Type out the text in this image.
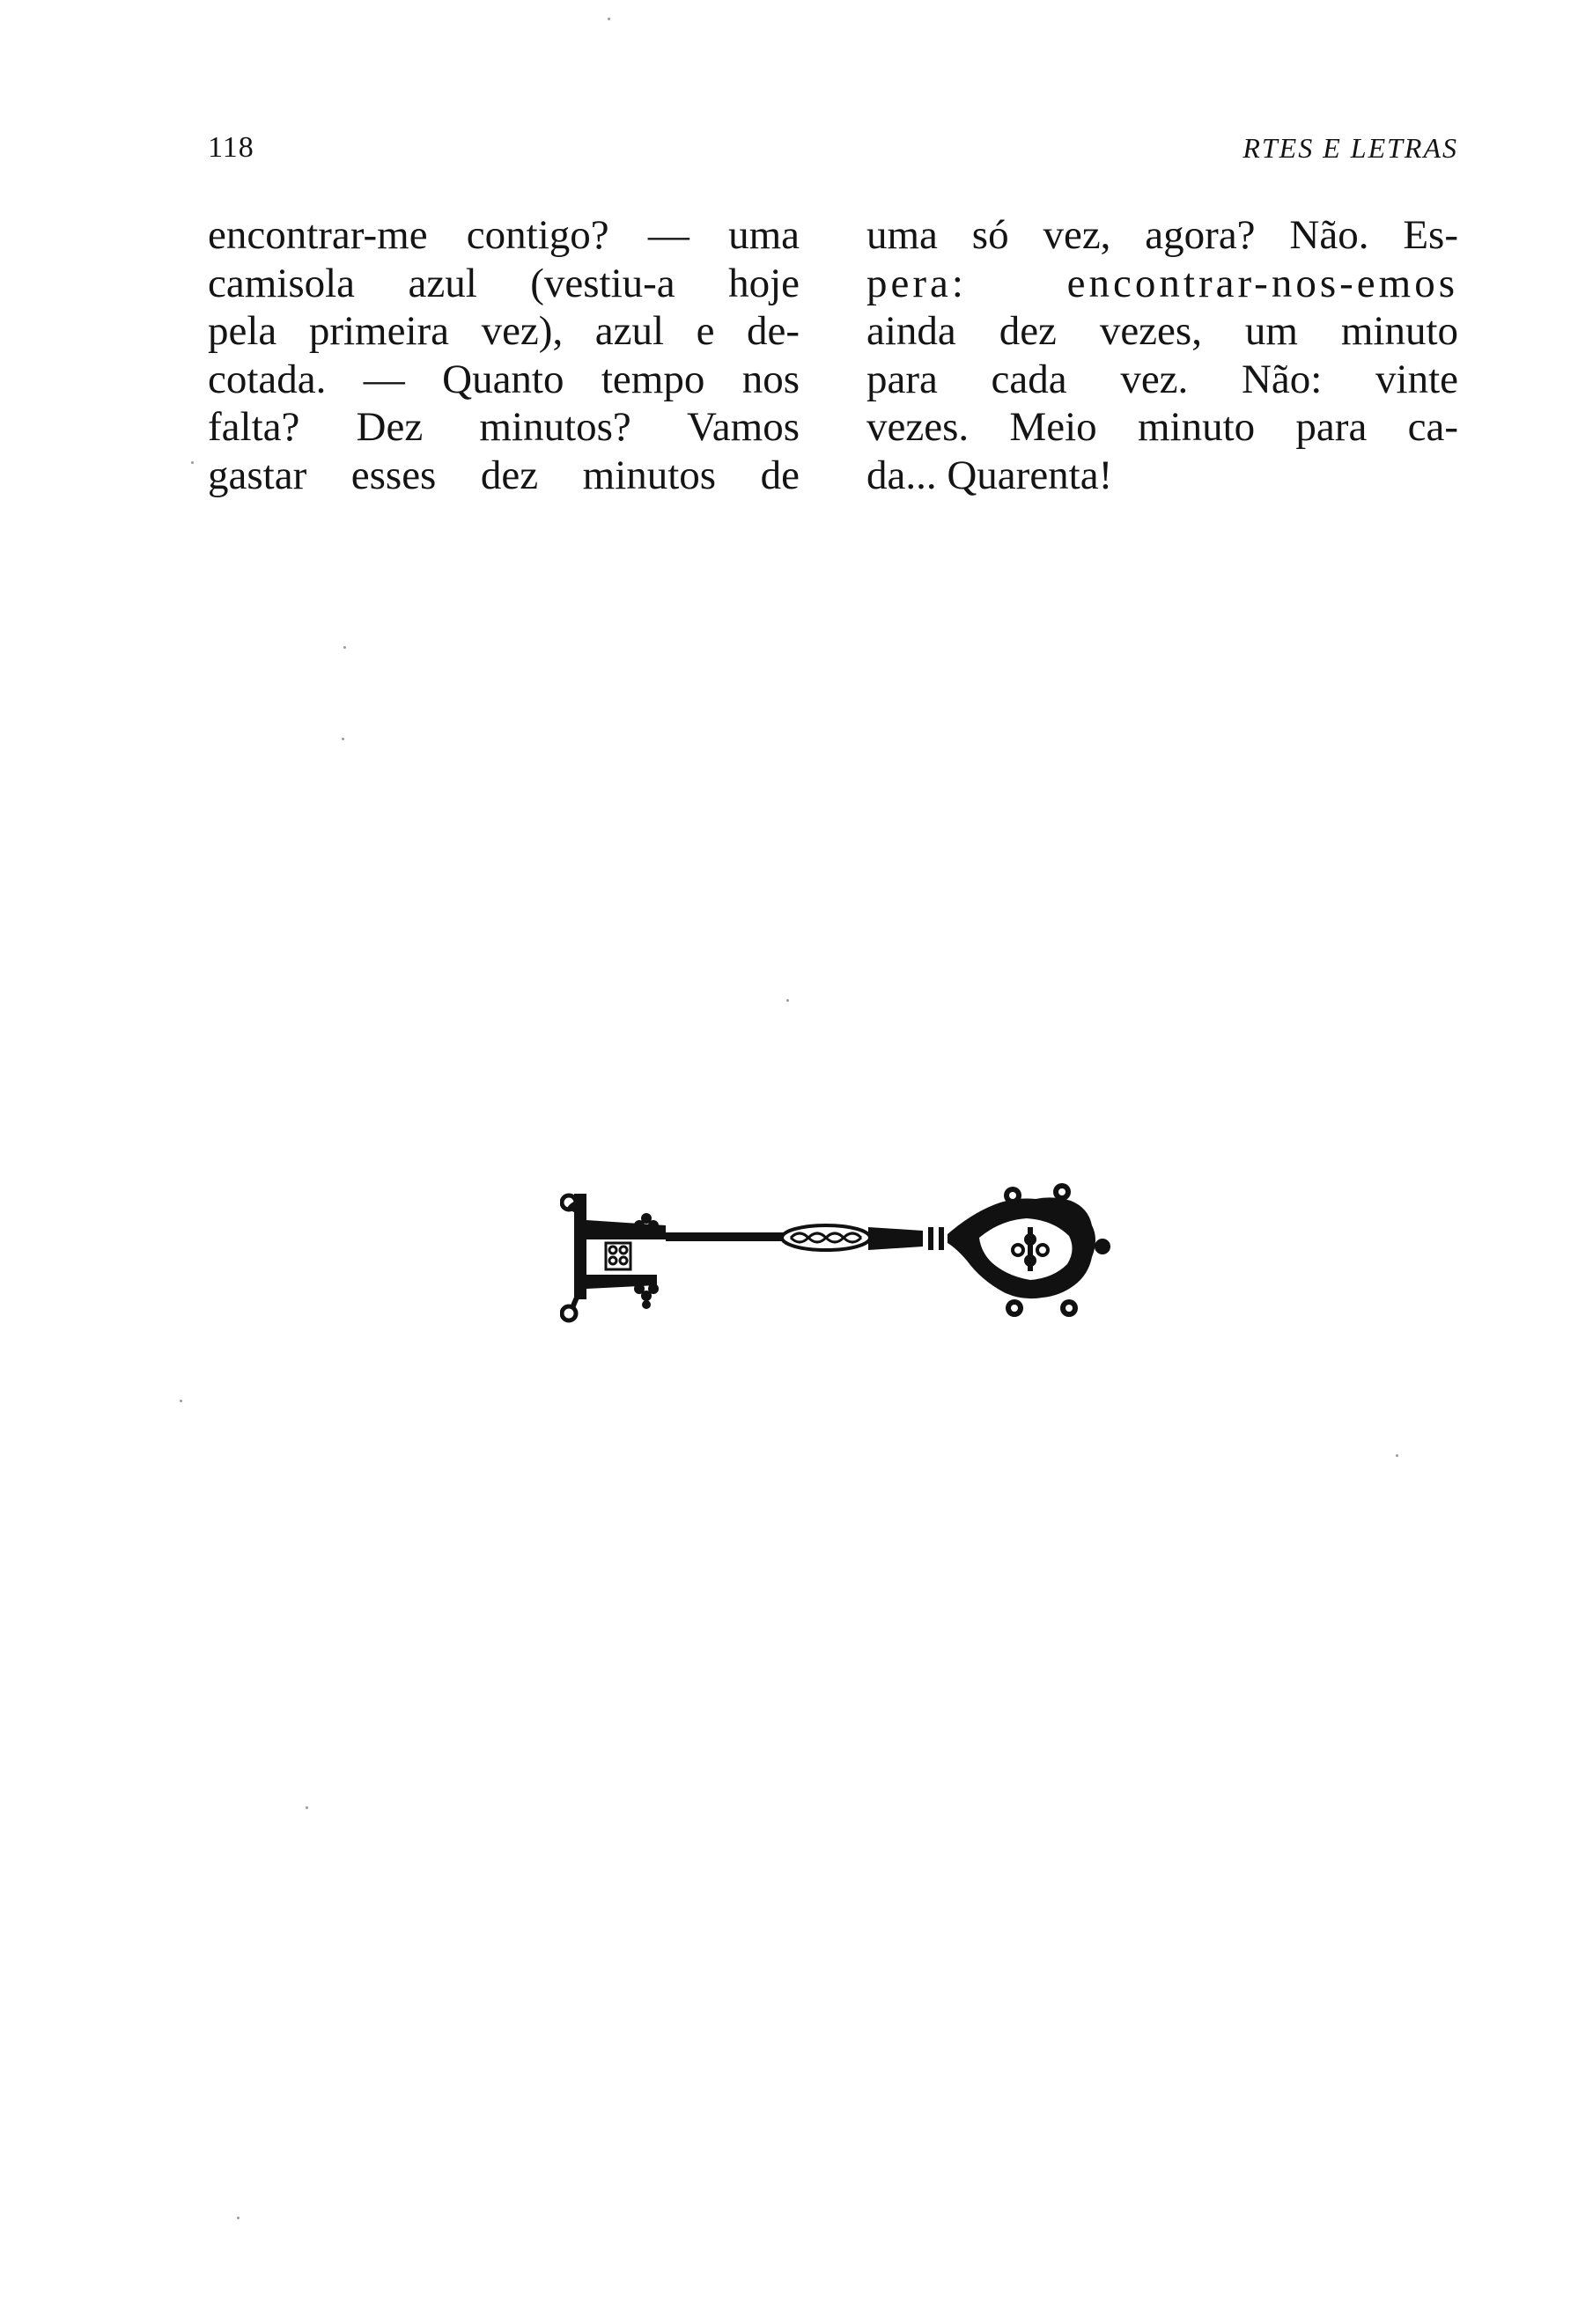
118	RTES E LETRAS
encontrar-me contigo? — uma
camisola azul (vestiu-a hoje
pela primeira vez), azul e de-
cotada. — Quanto tempo nos
falta? Dez minutos? Vamos
gastar esses dez minutos de
uma só vez, agora? Não. Es-
pera: encontrar-nos-emos
ainda dez vezes, um minuto
para cada vez. Não: vinte
vezes. Meio minuto para ca-
da... Quarenta!
